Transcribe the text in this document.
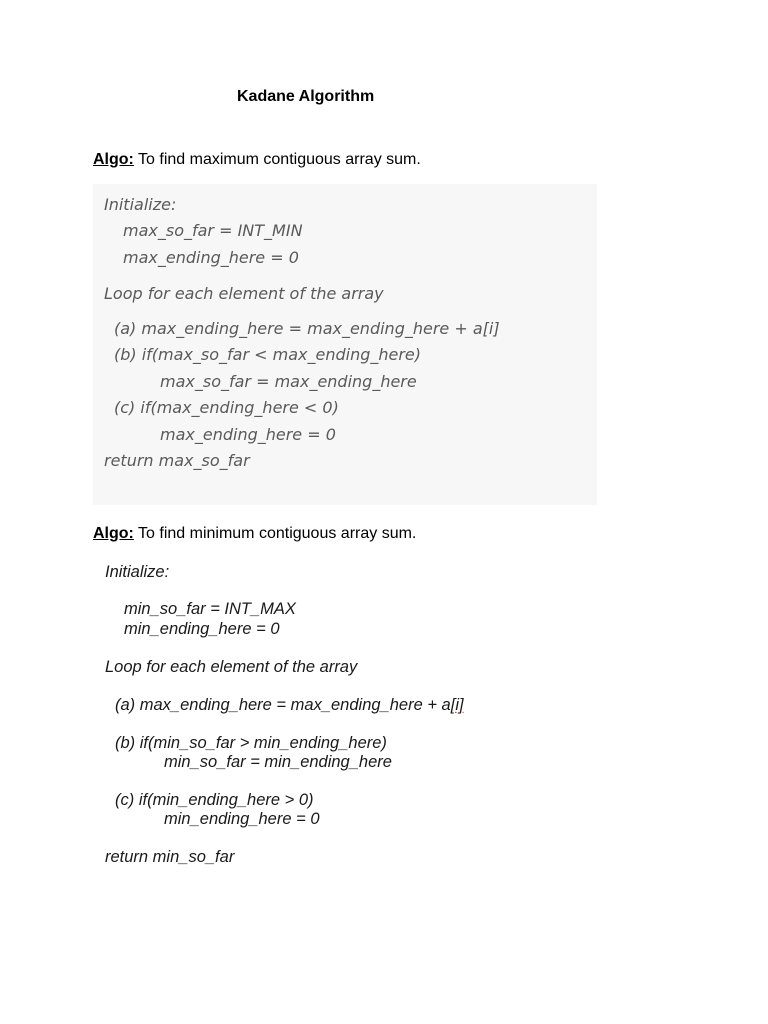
Kadane Algorithm
Algo: To find maximum contiguous array sum.
Initialize:
max_so_far = INT_MIN
max_ending_here = 0
Loop for each element of the array
(a) max_ending_here = max_ending_here + a[i]
(b) if(max_so_far < max_ending_here)
max_so_far = max_ending_here
(c) if(max_ending_here < 0)
max_ending_here = 0
return max_so_far
Algo: To find minimum contiguous array sum.
Initialize:
min_so_far = INT_MAX
min_ending_here = 0
Loop for each element of the array
(a) max_ending_here = max_ending_here + a[i]
(b) if(min_so_far > min_ending_here)
min_so_far = min_ending_here
(c) if(min_ending_here > 0)
min_ending_here = 0
return min_so_far
